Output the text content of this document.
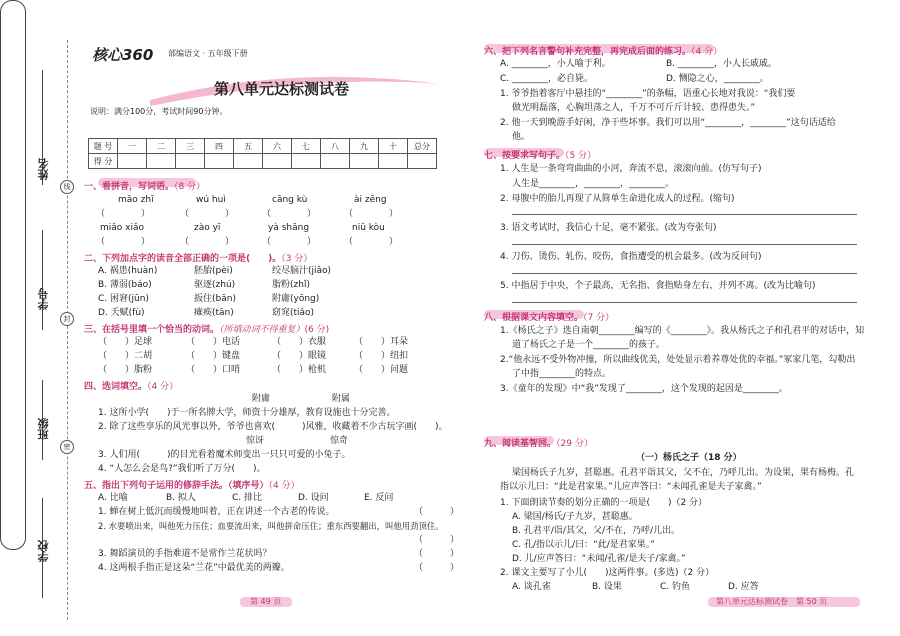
姓名
学号
班级
学校
线
封
密
核心360 部编语文 · 五年级下册
第八单元达标测试卷
说明：满分100分，考试时间90分钟。
题 号	一	二	三	四	五	六	七	八	九	十	总分
得 分											
一、看拼音，写词语。（8 分）
mǎo zhī	wú huì	cāng kù	ài zēng
（　　　　）	（　　　　）	（　　　　）	（　　　　）
miǎo xiǎo	zào yī	yà shāng	niǔ kòu
（　　　　）	（　　　　）	（　　　　）	（　　　　）
二、下列加点字的读音全部正确的一项是(　　 )。（3 分）
A. 祸患(huàn)	胚胎(pèi)	绞尽脑汁(jiǎo)
B. 薄弱(báo)	驱逐(zhú)	脂粉(zhǐ)
C. 困窘(jūn)	扳住(bān)	附庸(yōng)
D. 夭赋(fù)	瘫痪(tān)	窈窕(tiǎo)
三、在括号里填一个恰当的动词。（所填动词不得重复）(6 分)
（　　）足球	（　　）电话	（　　）衣服	（　　）耳朵
（　　）二胡	（　　）键盘	（　　）眼镜	（　　）纽扣
（　　）脂粉	（　　）口哨	（　　）枪机	（　　）问题
四、选词填空。（4 分）
附庸	附属
1. 这所小学(　　)于一所名牌大学，师资十分雄厚，教育设施也十分完善。
2. 除了这些享乐的风光事以外，爷爷也喜欢(　　　)风雅，收藏着不少古玩字画(　　)。
惊讶	惊奇
3. 人们用(　　　)的目光看着魔术师变出一只只可爱的小兔子。
4. “人怎么会是鸟?”我们听了万分(　　)。
五、指出下列句子运用的修辞手法。（填序号）（4 分）
A. 比喻	B. 拟人	C. 排比	D. 设问	E. 反问
1. 蝉在树上低沉而缓慢地叫着，正在讲述一个古老的传说。	（　　　）
2. 水要喷出来，叫他死力压住；血要流出来，叫他拼命压住；重东西要翻出，叫他用劲顶住。
（　　　）
3. 舞蹈演员的手指难道不是常作兰花状吗？	（　　　）
4. 这两根手指正是这朵“兰花”中最优美的两瓣。	（　　　）
第 49 页
六、把下列名言警句补充完整，再完成后面的练习。（4 分）
A. ________，小人喻于利。	B. ________，小人长戚戚。
C. ________，必自毙。	D. 恻隐之心，________。
1. 爷爷指着客厅中悬挂的“________”的条幅，语重心长地对我说：“我们要
做光明磊落，心胸坦荡之人，千万不可斤斤计较、患得患失。”
2. 他一天到晚游手好闲，净干些坏事。我们可以用“________，________”这句话适给
他。
七、按要求写句子。（5 分）
1. 人生是一条弯弯曲曲的小河，奔流不息，滚滚向前。(仿写句子)
人生是________，________，________。
2. 母腹中的胎儿再现了从简单生命进化成人的过程。(缩句)
3. 语文考试时，我信心十足，毫不紧张。(改为夸张句)
4. 刀伤、烫伤、轧伤、咬伤，食指遭受的机会最多。(改为反问句)
5. 中指居于中央，个子最高，无名指、食指贴身左右，并列不离。(改为比喻句)
八、根据课文内容填空。（7 分）
1.《杨氏之子》选自南朝________编写的《________》。我从杨氏之子和孔君平的对话中，知
道了杨氏之子是一个________的孩子。
2.“他永远不受外物冲撞，所以曲线优美，处处显示着养尊处优的幸福。”冢家几笔，勾勒出
了中指________的特点。
3.《童年的发现》中“我”发现了________，这个发现的起因是________。
九、阅读基智园。（29 分）
（一）杨氏之子（18 分）
梁国杨氏子九岁，甚聪惠。孔君平诣其父，父不在，乃呼儿出。为设果，果有杨梅。孔
指以示儿曰：“此是君家果。”儿应声答曰：“未闻孔雀是夫子家禽。”
1. 下面朗读节奏的划分正确的一项是(　　)（2 分）
A. 梁国/杨氏/子九岁，甚聪惠。
B. 孔君平/诣/其父，父/不在，乃呼/儿出。
C. 孔/指以示儿/曰：“此/是君家果。”
D. 儿/应声答曰：“未闻/孔雀/是夫子/家禽。”
2. 课文主要写了小儿(　　)这两件事。(多选)（2 分）
A. 谈孔雀	B. 设果	C. 钓鱼	D. 应答
第八单元达标测试卷　第 50 页
